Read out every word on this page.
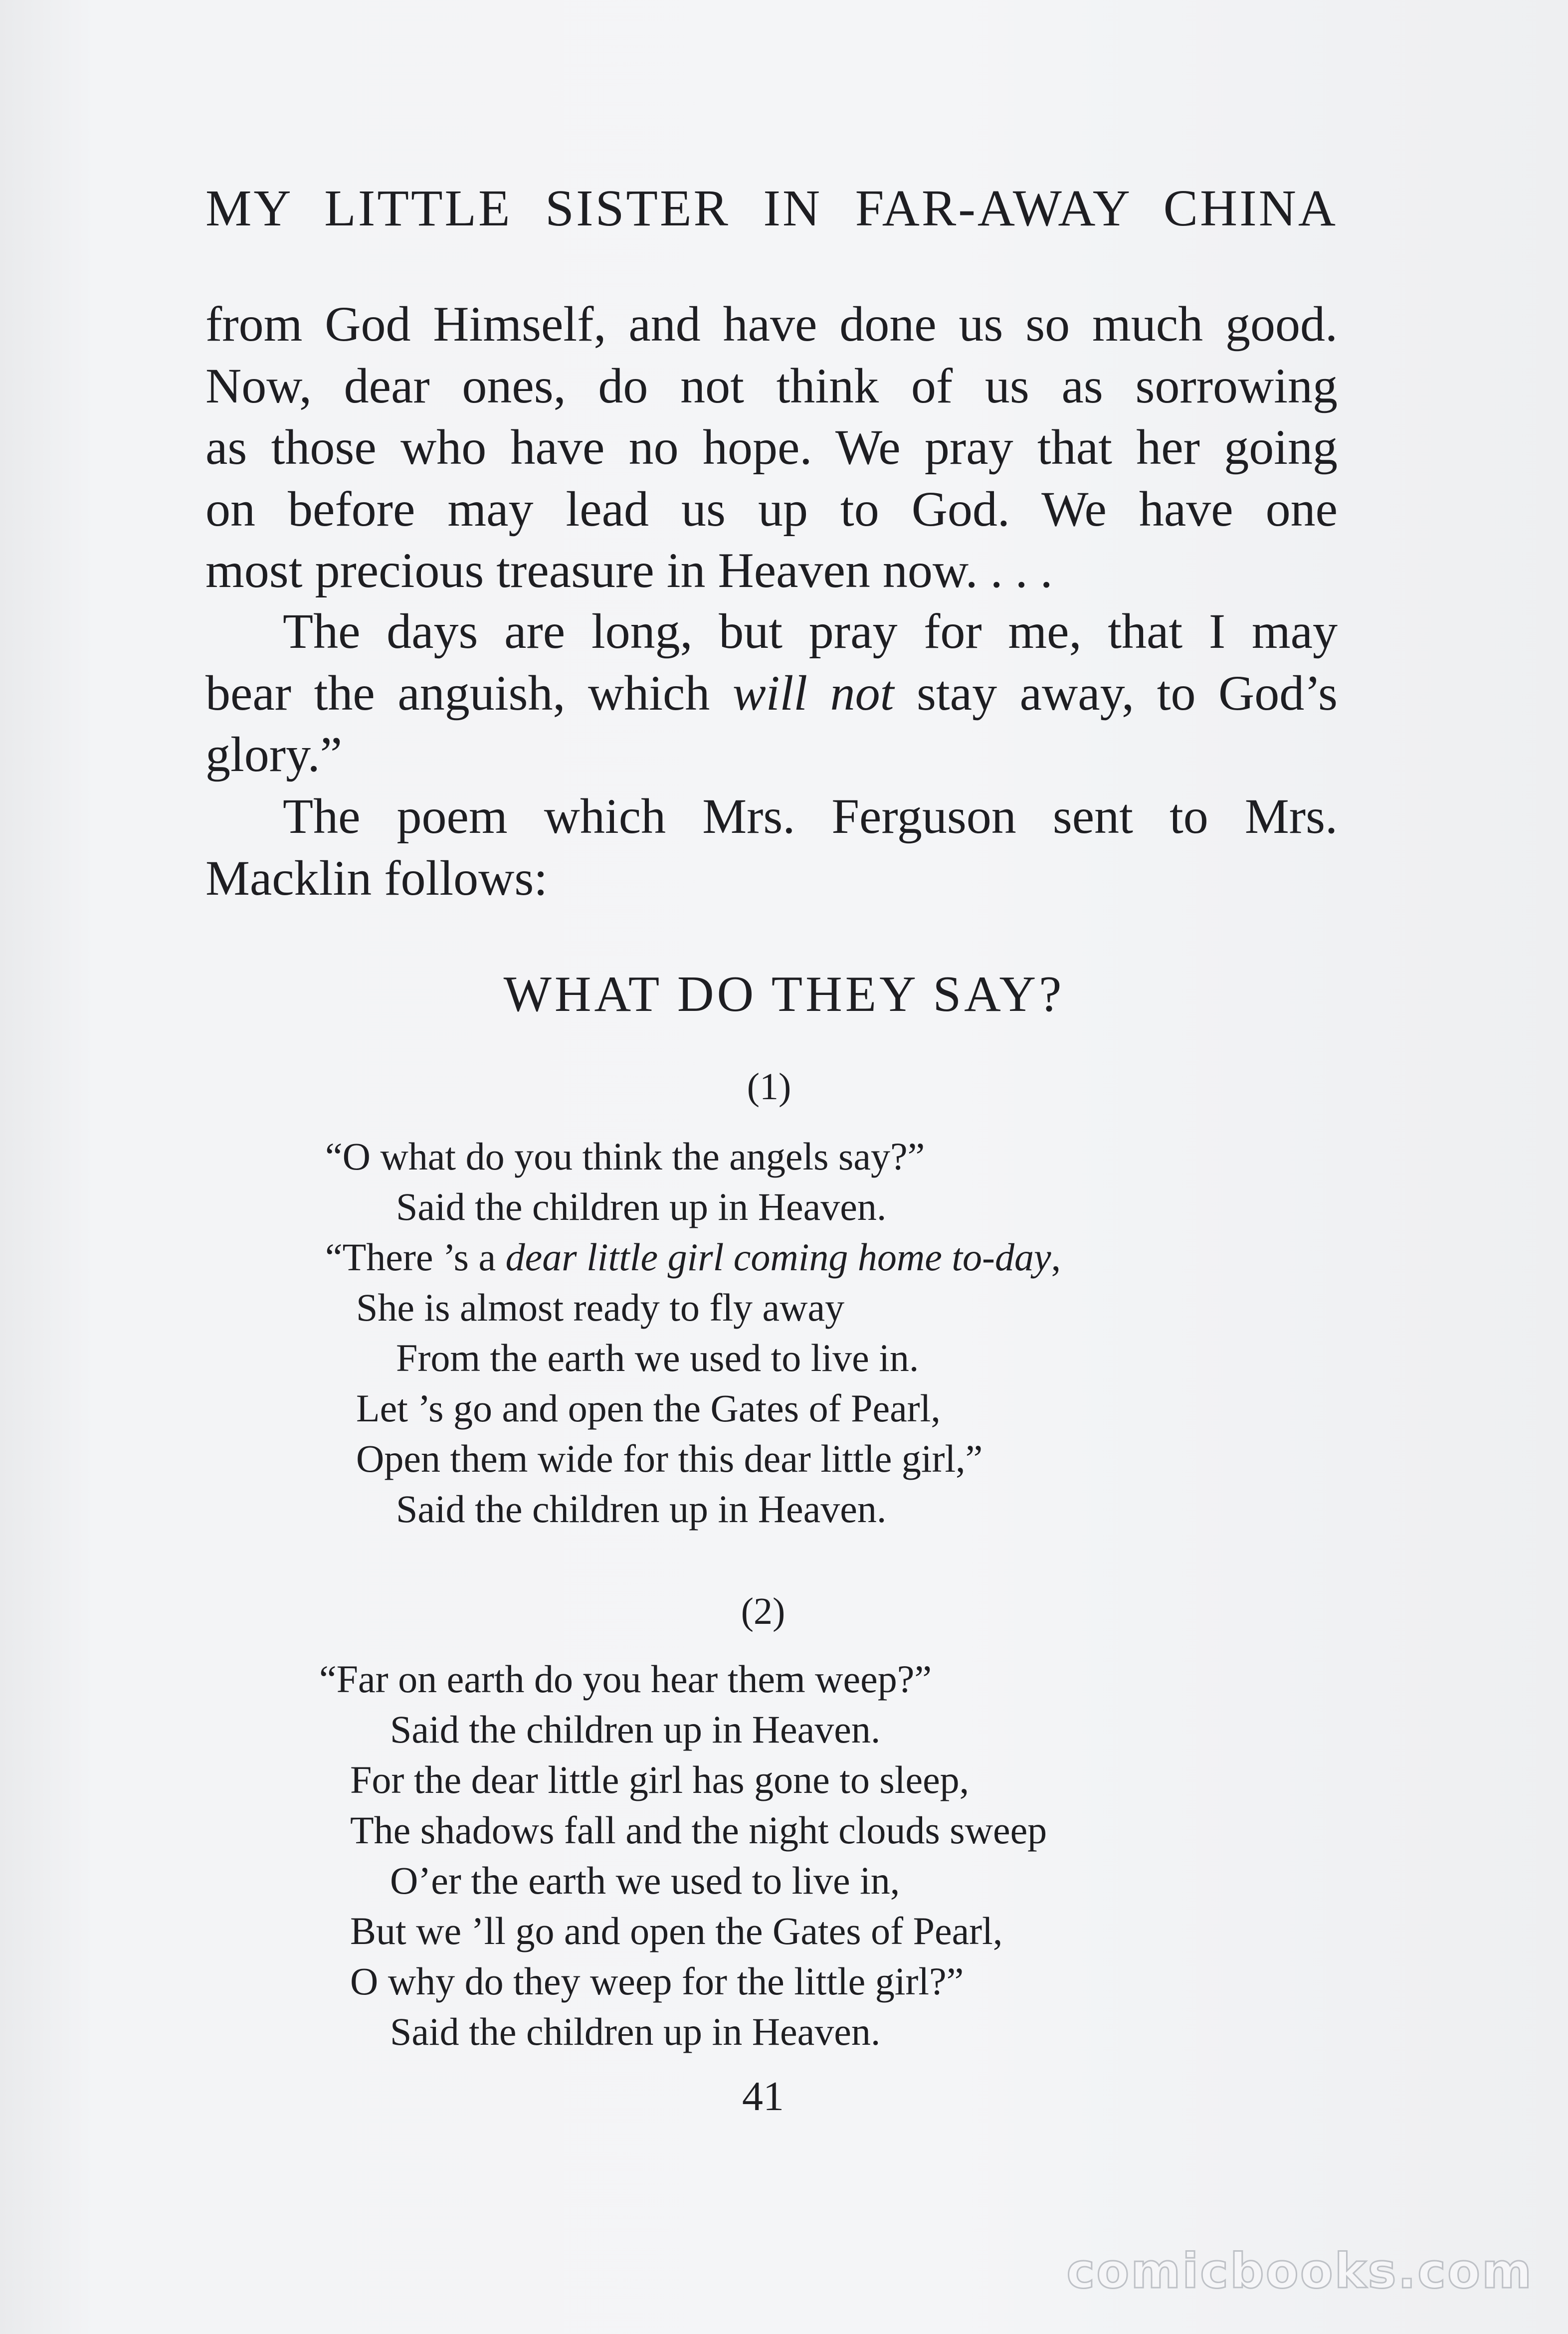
MY LITTLE SISTER IN FAR-AWAY CHINA
from God Himself, and have done us so much good.
Now, dear ones, do not think of us as sorrowing
as those who have no hope. We pray that her going
on before may lead us up to God. We have one
most precious treasure in Heaven now. . . .
The days are long, but pray for me, that I may
bear the anguish, which will not stay away, to God’s
glory.”
The poem which Mrs. Ferguson sent to Mrs.
Macklin follows:
WHAT DO THEY SAY?
(1)
“O what do you think the angels say?”
Said the children up in Heaven.
“There ’s a dear little girl coming home to-day,
She is almost ready to fly away
From the earth we used to live in.
Let ’s go and open the Gates of Pearl,
Open them wide for this dear little girl,”
Said the children up in Heaven.
(2)
“Far on earth do you hear them weep?”
Said the children up in Heaven.
For the dear little girl has gone to sleep,
The shadows fall and the night clouds sweep
O’er the earth we used to live in,
But we ’ll go and open the Gates of Pearl,
O why do they weep for the little girl?”
Said the children up in Heaven.
41
comicbooks.com
